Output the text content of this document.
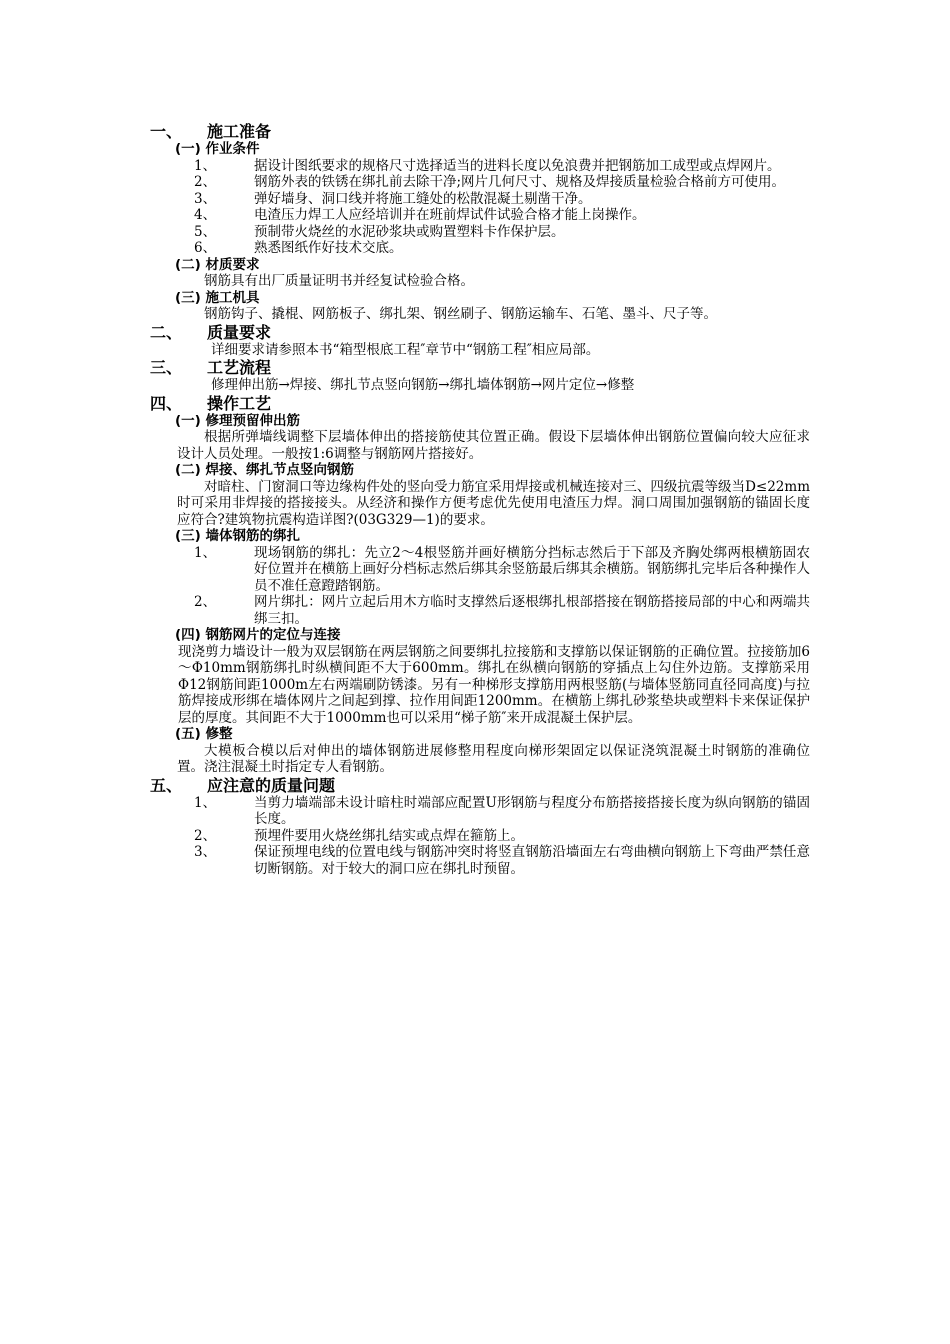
一、	施工准备
(一) 作业条件
1、	据设计图纸要求的规格尺寸选择适当的进料长度以免浪费并把钢筋加工成型或点焊网片。
2、	钢筋外表的铁锈在绑扎前去除干净;网片几何尺寸、规格及焊接质量检验合格前方可使用。
3、	弹好墙身、洞口线并将施工缝处的松散混凝土剔凿干净。
4、	电渣压力焊工人应经培训并在班前焊试件试验合格才能上岗操作。
5、	预制带火烧丝的水泥砂浆块或购置塑料卡作保护层。
6、	熟悉图纸作好技术交底。
(二) 材质要求
钢筋具有出厂质量证明书并经复试检验合格。
(三) 施工机具
钢筋钩子、撬棍、网筋板子、绑扎架、钢丝刷子、钢筋运输车、石笔、墨斗、尺子等。
二、	质量要求
详细要求请参照本书“箱型根底工程″章节中“钢筋工程″相应局部。
三、	工艺流程
修理伸出筋→焊接、绑扎节点竖向钢筋→绑扎墙体钢筋→网片定位→修整
四、	操作工艺
(一) 修理预留伸出筋
根据所弹墙线调整下层墙体伸出的搭接筋使其位置正确。假设下层墙体伸出钢筋位置偏向较大应征求设计人员处理。一般按1:6调整与钢筋网片搭接好。
(二) 焊接、绑扎节点竖向钢筋
对暗柱、门窗洞口等边缘构件处的竖向受力筋宜采用焊接或机械连接对三、四级抗震等级当D≤22mm时可采用非焊接的搭接接头。从经济和操作方便考虑优先使用电渣压力焊。洞口周围加强钢筋的锚固长度应符合?建筑物抗震构造详图?(03G329—1)的要求。
(三) 墙体钢筋的绑扎
1、	现场钢筋的绑扎：先立2～4根竖筋并画好横筋分挡标志然后于下部及齐胸处绑两根横筋固农好位置并在横筋上画好分档标志然后绑其余竖筋最后绑其余横筋。钢筋绑扎完毕后各种操作人员不准任意蹬踏钢筋。
2、	网片绑扎：网片立起后用木方临时支撑然后逐根绑扎根部搭接在钢筋搭接局部的中心和两端共绑三扣。
(四) 钢筋网片的定位与连接
现浇剪力墙设计一般为双层钢筋在两层钢筋之间要绑扎拉接筋和支撑筋以保证钢筋的正确位置。拉接筋加6～Φ10mm钢筋绑扎时纵横间距不大于600mm。绑扎在纵横向钢筋的穿插点上勾住外边筋。支撑筋采用 Φ12钢筋间距1000m左右两端刷防锈漆。另有一种梯形支撑筋用两根竖筋(与墙体竖筋同直径同高度)与拉筋焊接成形绑在墙体网片之间起到撑、拉作用间距1200mm。在横筋上绑扎砂浆垫块或塑料卡来保证保护层的厚度。其间距不大于1000mm也可以采用“梯子筋″来开成混凝土保护层。
(五) 修整
大模板合模以后对伸出的墙体钢筋进展修整用程度向梯形架固定以保证浇筑混凝土时钢筋的准确位置。浇注混凝土时指定专人看钢筋。
五、	应注意的质量问题
1、	当剪力墙端部未设计暗柱时端部应配置U形钢筋与程度分布筋搭接搭接长度为纵向钢筋的锚固长度。
2、	预埋件要用火烧丝绑扎结实或点焊在箍筋上。
3、	保证预埋电线的位置电线与钢筋冲突时将竖直钢筋沿墙面左右弯曲横向钢筋上下弯曲严禁任意切断钢筋。对于较大的洞口应在绑扎时预留。
